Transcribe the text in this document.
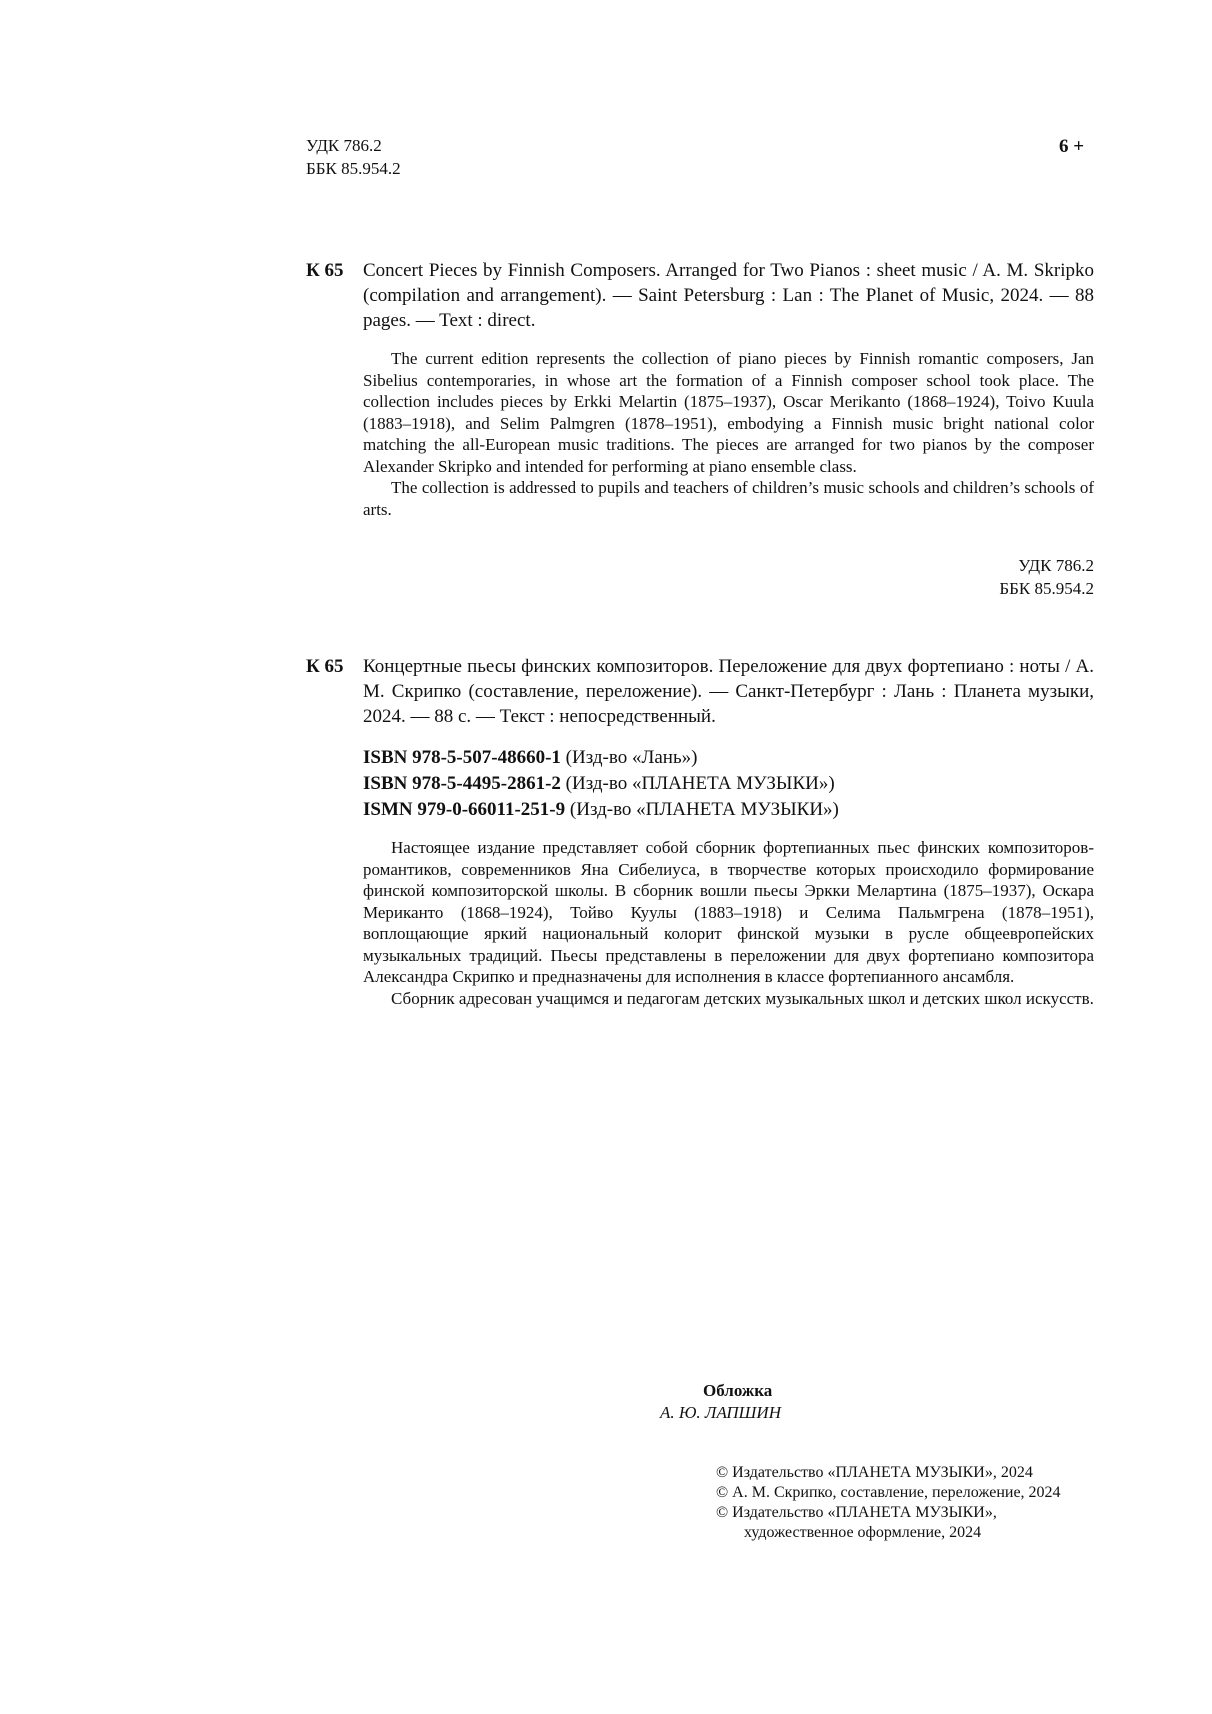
УДК 786.2
ББК 85.954.2
6 +
К 65 Concert Pieces by Finnish Composers. Arranged for Two Pianos : sheet music / A. M. Skripko (compilation and arrangement). — Saint Petersburg : Lan : The Planet of Music, 2024. — 88 pages. — Text : direct.

The current edition represents the collection of piano pieces by Finnish romantic composers, Jan Sibelius contemporaries, in whose art the formation of a Finnish composer school took place. The collection includes pieces by Erkki Melartin (1875–1937), Oscar Merikanto (1868–1924), Toivo Kuula (1883–1918), and Selim Palmgren (1878–1951), embodying a Finnish music bright national color matching the all-European music traditions. The pieces are arranged for two pianos by the composer Alexander Skripko and intended for performing at piano ensemble class.

The collection is addressed to pupils and teachers of children’s music schools and children’s schools of arts.

УДК 786.2
ББК 85.954.2
К 65 Концертные пьесы финских композиторов. Переложение для двух фортепиано : ноты / А. М. Скрипко (составление, переложение). — Санкт-Петербург : Лань : Планета музыки, 2024. — 88 с. — Текст : непосредственный.
ISBN 978-5-507-48660-1 (Изд-во «Лань»)
ISBN 978-5-4495-2861-2 (Изд-во «ПЛАНЕТА МУЗЫКИ»)
ISMN 979-0-66011-251-9 (Изд-во «ПЛАНЕТА МУЗЫКИ»)

Настоящее издание представляет собой сборник фортепианных пьес финских композиторов-романтиков, современников Яна Сибелиуса, в творчестве которых происходило формирование финской композиторской школы. В сборник вошли пьесы Эркки Мелартина (1875–1937), Оскара Мериканто (1868–1924), Тойво Куулы (1883–1918) и Селима Пальмгрена (1878–1951), воплощающие яркий национальный колорит финской музыки в русле общеевропейских музыкальных традиций. Пьесы представлены в переложении для двух фортепиано композитора Александра Скрипко и предназначены для исполнения в классе фортепианного ансамбля.

Сборник адресован учащимся и педагогам детских музыкальных школ и детских школ искусств.

Обложка
А. Ю. ЛАПШИН
© Издательство «ПЛАНЕТА МУЗЫКИ», 2024
© А. М. Скрипко, составление, переложение, 2024
© Издательство «ПЛАНЕТА МУЗЫКИ»,
художественное оформление, 2024
